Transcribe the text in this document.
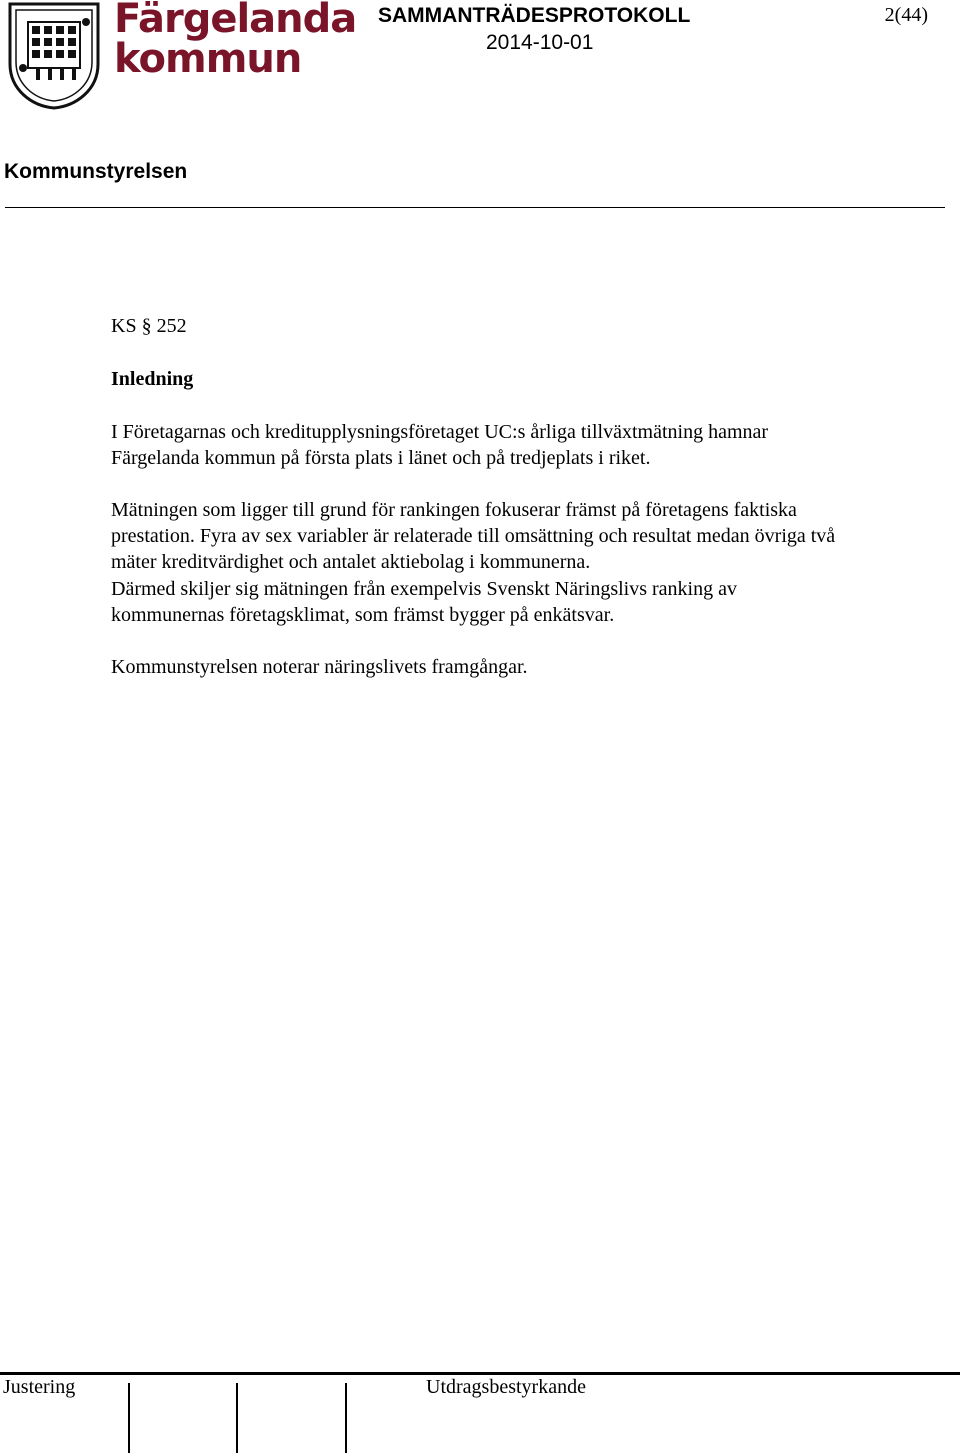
Färgelanda
kommun
SAMMANTRÄDESPROTOKOLL
2014-10-01
2(44)
Kommunstyrelsen

KS § 252

Inledning

I Företagarnas och kreditupplysningsföretaget UC:s årliga tillväxtmätning hamnar

Färgelanda kommun på första plats i länet och på tredjeplats i riket.

Mätningen som ligger till grund för rankingen fokuserar främst på företagens faktiska

prestation. Fyra av sex variabler är relaterade till omsättning och resultat medan övriga två

mäter kreditvärdighet och antalet aktiebolag i kommunerna.

Därmed skiljer sig mätningen från exempelvis Svenskt Näringslivs ranking av

kommunernas företagsklimat, som främst bygger på enkätsvar.

Kommunstyrelsen noterar näringslivets framgångar.

Justering	Utdragsbestyrkande
